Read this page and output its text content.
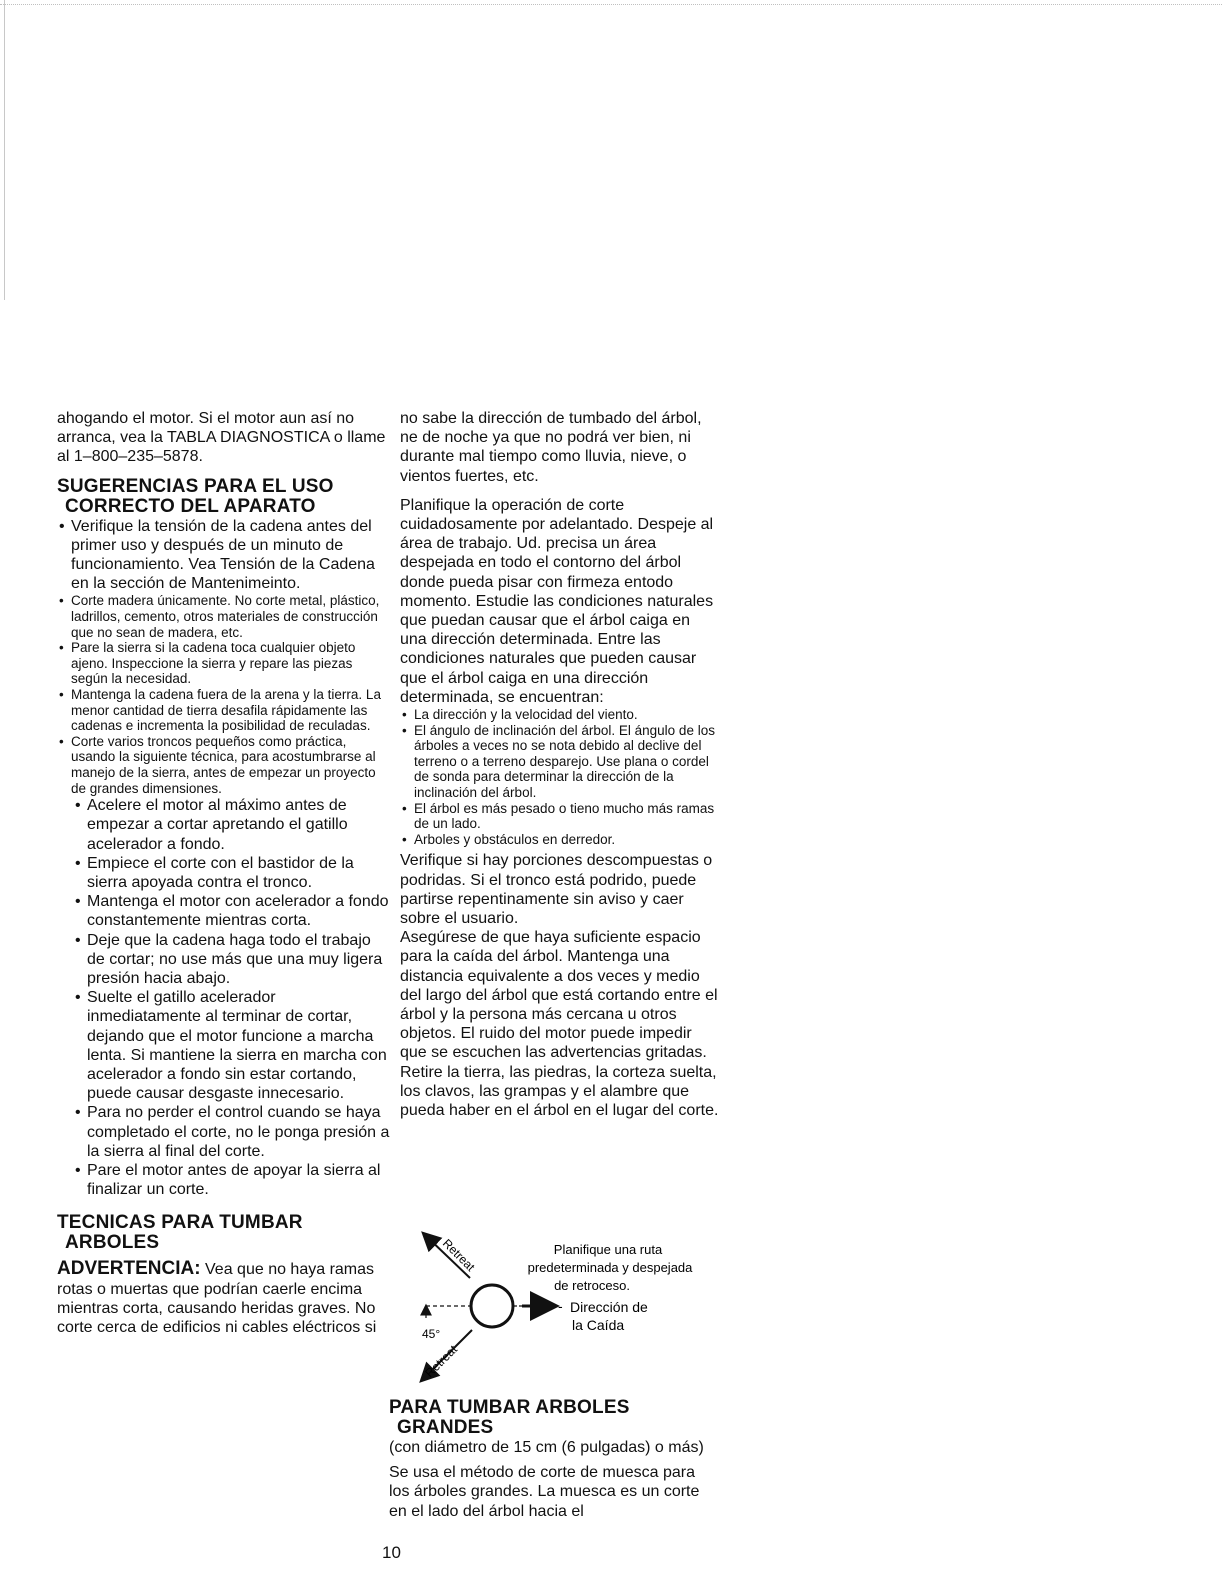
ahogando el motor. Si el motor aun así no arranca, vea la TABLA DIAGNOSTICA o llame al 1–800–235–5878.

SUGERENCIAS PARA EL USO
CORRECTO DEL APARATO
• Verifique la tensión de la cadena antes del primer uso y después de un minuto de funcionamiento. Vea Tensión de la Cadena en la sección de Mantenimeinto.
• Corte madera únicamente. No corte metal, plástico, ladrillos, cemento, otros materiales de construcción que no sean de madera, etc.
• Pare la sierra si la cadena toca cualquier objeto ajeno. Inspeccione la sierra y repare las piezas según la necesidad.
• Mantenga la cadena fuera de la arena y la tierra. La menor cantidad de tierra desafila rápidamente las cadenas e incrementa la posibilidad de reculadas.
• Corte varios troncos pequeños como práctica, usando la siguiente técnica, para acostumbrarse al manejo de la sierra, antes de empezar un proyecto de grandes dimensiones.
• Acelere el motor al máximo antes de empezar a cortar apretando el gatillo acelerador a fondo.
• Empiece el corte con el bastidor de la sierra apoyada contra el tronco.
• Mantenga el motor con acelerador a fondo constantemente mientras corta.
• Deje que la cadena haga todo el trabajo de cortar; no use más que una muy ligera presión hacia abajo.
• Suelte el gatillo acelerador inmediatamente al terminar de cortar, dejando que el motor funcione a marcha lenta. Si mantiene la sierra en marcha con acelerador a fondo sin estar cortando, puede causar desgaste innecesario.
• Para no perder el control cuando se haya completado el corte, no le ponga presión a la sierra al final del corte.
• Pare el motor antes de apoyar la sierra al finalizar un corte.
TECNICAS PARA TUMBAR
ARBOLES

ADVERTENCIA: Vea que no haya ramas rotas o muertas que podrían caerle encima mientras corta, causando heridas graves. No corte cerca de edificios ni cables eléctricos si

no sabe la dirección de tumbado del árbol, ne de noche ya que no podrá ver bien, ni durante mal tiempo como lluvia, nieve, o vientos fuertes, etc.

Planifique la operación de corte cuidadosamente por adelantado. Despeje al área de trabajo. Ud. precisa un área despejada en todo el contorno del árbol donde pueda pisar con firmeza entodo momento. Estudie las condiciones naturales que puedan causar que el árbol caiga en una dirección determinada. Entre las condiciones naturales que pueden causar que el árbol caiga en una dirección determinada, se encuentran:

• La dirección y la velocidad del viento.
• El ángulo de inclinación del árbol. El ángulo de los árboles a veces no se nota debido al declive del terreno o a terreno desparejo. Use plana o cordel de sonda para determinar la dirección de la inclinación del árbol.
• El árbol es más pesado o tieno mucho más ramas de un lado.
• Arboles y obstáculos en derredor.

Verifique si hay porciones descompuestas o podridas. Si el tronco está podrido, puede partirse repentinamente sin aviso y caer sobre el usuario.

Asegúrese de que haya suficiente espacio para la caída del árbol. Mantenga una distancia equivalente a dos veces y medio del largo del árbol que está cortando entre el árbol y la persona más cercana u otros objetos. El ruido del motor puede impedir que se escuchen las advertencias gritadas. Retire la tierra, las piedras, la corteza suelta, los clavos, las grampas y el alambre que pueda haber en el árbol en el lugar del corte.

Retreat
Retreat
45°
Planifique una ruta
predeterminada y despejada
de retroceso.
- Dirección de
la Caída
PARA TUMBAR ARBOLES
GRANDES

(con diámetro de 15 cm (6 pulgadas) o más)

Se usa el método de corte de muesca para los árboles grandes. La muesca es un corte en el lado del árbol hacia el

10
